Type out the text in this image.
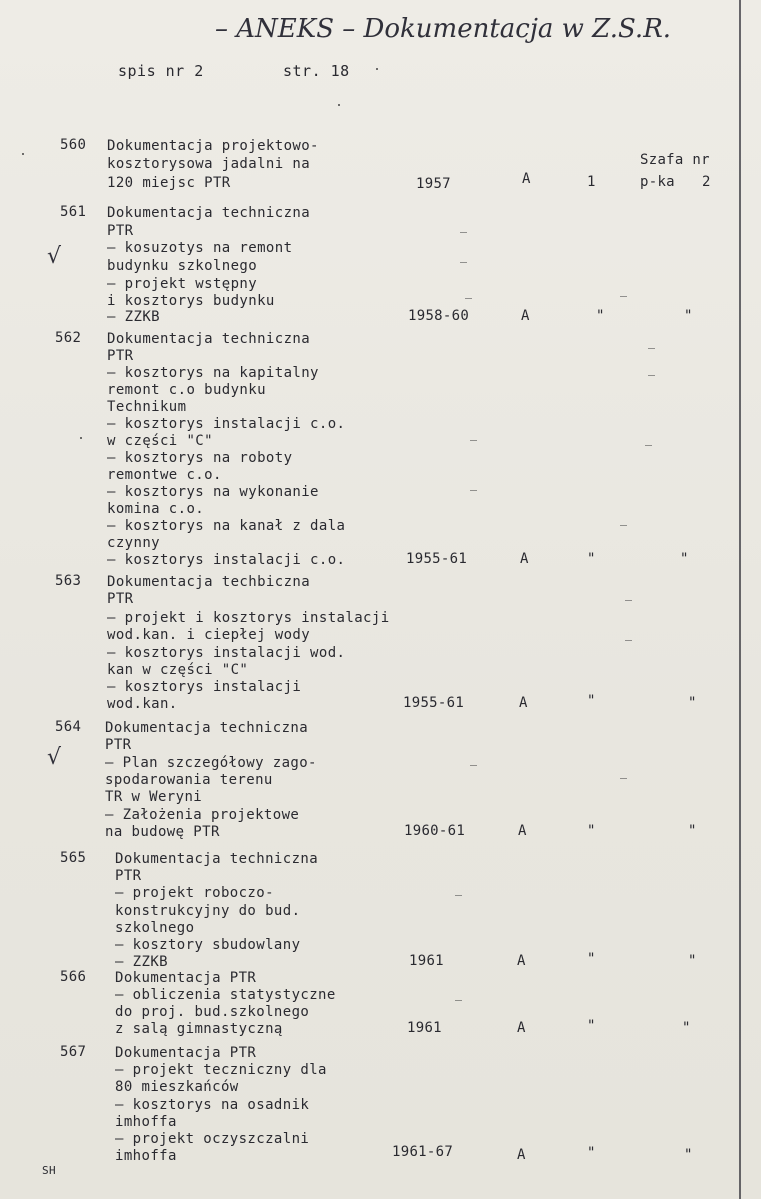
– ANEKS – Dokumentacja w Z.S.R.
spis nr 2	str. 18
Szafa nr
560 Dokumentacja projektowo-
kosztorysowa jadalni na
120 miejsc PTR	1957	A	1	p-ka 2
561 Dokumentacja techniczna
PTR
– kosuzotys na remont
budynku szkolnego
– projekt wstępny
i kosztorys budynku
– ZZKB	1958-60	A	"	"
√
562 Dokumentacja techniczna
PTR
– kosztorys na kapitalny
remont c.o budynku
Technikum
– kosztorys instalacji c.o.
w części "C"
– kosztorys na roboty
remontwe c.o.
– kosztorys na wykonanie
komina c.o.
– kosztorys na kanał z dala
czynny
– kosztorys instalacji c.o.	1955-61	A	"	"
563 Dokumentacja techbiczna
PTR
– projekt i kosztorys instalacji
wod.kan. i ciepłej wody
– kosztorys instalacji wod.
kan w części "C"
– kosztorys instalacji
wod.kan.	1955-61	A	"	"
564 Dokumentacja techniczna
PTR
– Plan szczegółowy zago-
spodarowania terenu
TR w Weryni
– Założenia projektowe
na budowę PTR	1960-61	A	"	"
√
565 Dokumentacja techniczna
PTR
– projekt roboczo-
konstrukcyjny do bud.
szkolnego
– kosztory sbudowlany
– ZZKB	1961	A	"	"
566 Dokumentacja PTR
– obliczenia statystyczne
do proj. bud.szkolnego
z salą gimnastyczną	1961	A	"	"
567 Dokumentacja PTR
– projekt teczniczny dla
80 mieszkańców
– kosztorys na osadnik
imhoffa
– projekt oczyszczalni
imhoffa	1961-67	A	"	"
SH
